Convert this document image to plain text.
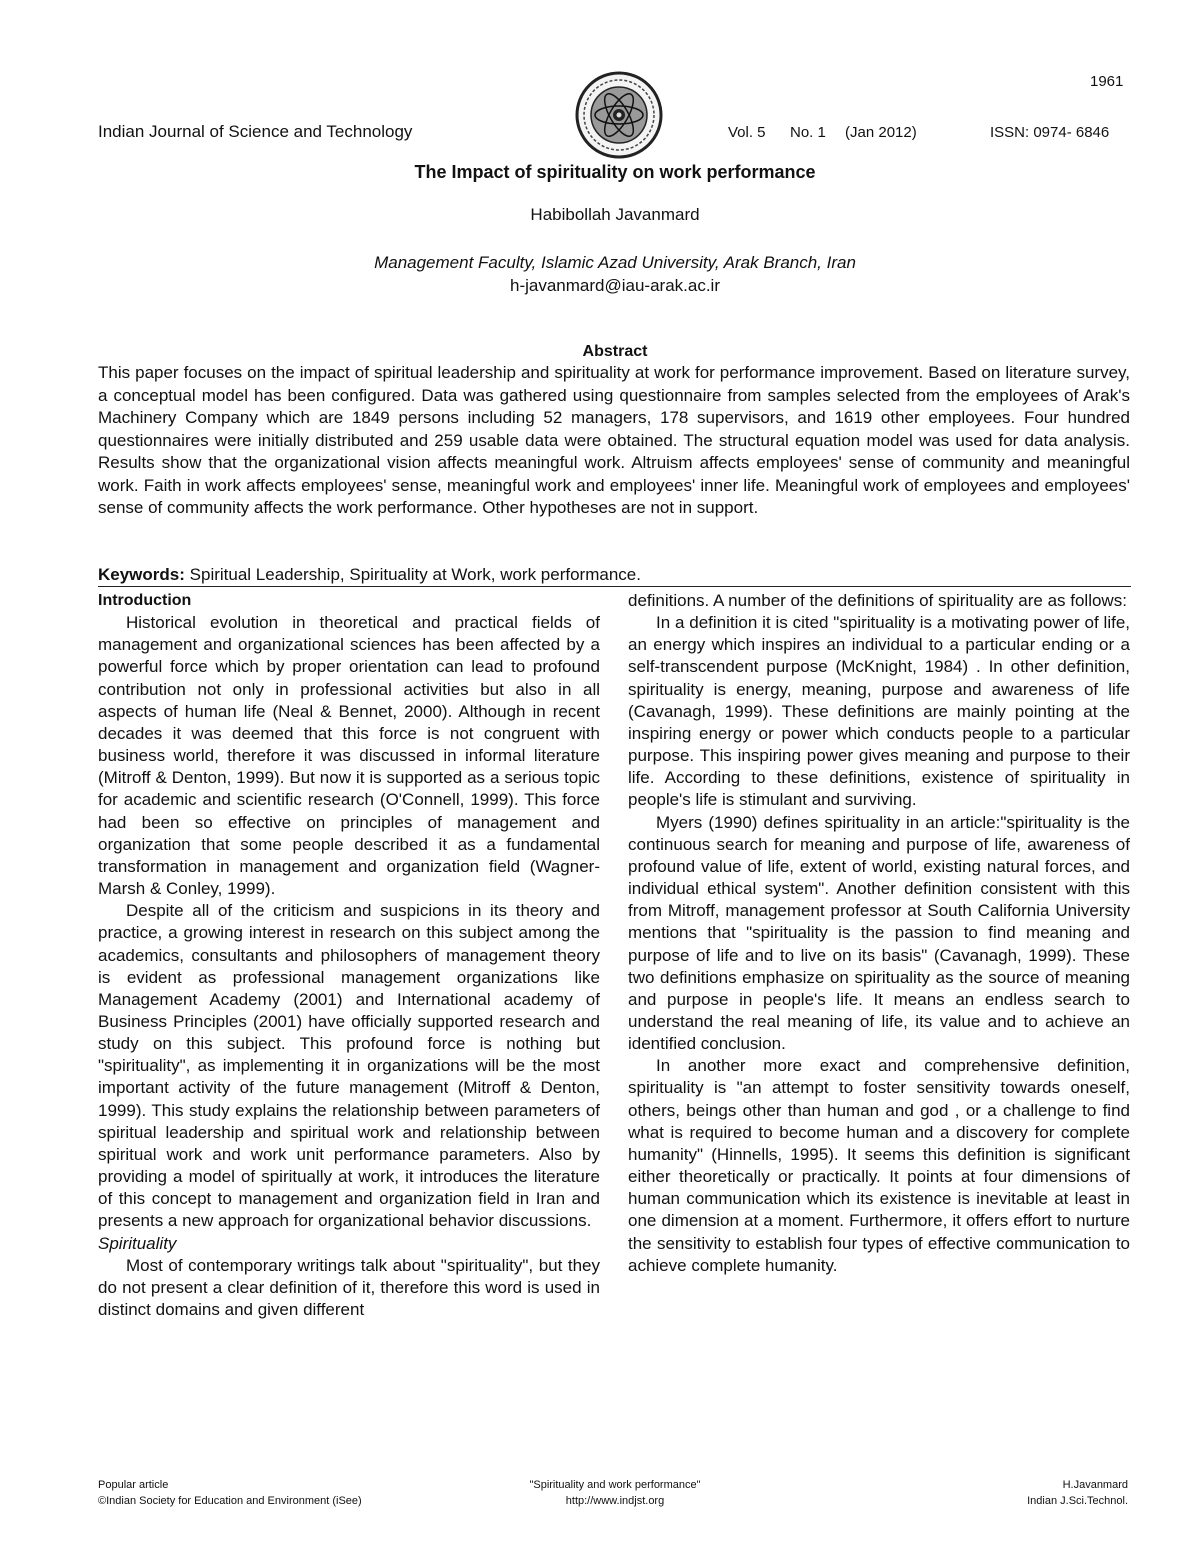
1961
Indian Journal of Science and Technology	Vol. 5 No. 1 (Jan 2012)	ISSN: 0974- 6846
The Impact of spirituality on work performance
Habibollah Javanmard
Management Faculty, Islamic Azad University, Arak Branch, Iran
h-javanmard@iau-arak.ac.ir
Abstract

This paper focuses on the impact of spiritual leadership and spirituality at work for performance improvement. Based on literature survey, a conceptual model has been configured. Data was gathered using questionnaire from samples selected from the employees of Arak's Machinery Company which are 1849 persons including 52 managers, 178 supervisors, and 1619 other employees. Four hundred questionnaires were initially distributed and 259 usable data were obtained. The structural equation model was used for data analysis. Results show that the organizational vision affects meaningful work. Altruism affects employees' sense of community and meaningful work. Faith in work affects employees' sense, meaningful work and employees' inner life. Meaningful work of employees and employees' sense of community affects the work performance. Other hypotheses are not in support.

Keywords: Spiritual Leadership, Spirituality at Work, work performance.
Introduction

Historical evolution in theoretical and practical fields of management and organizational sciences has been affected by a powerful force which by proper orientation can lead to profound contribution not only in professional activities but also in all aspects of human life (Neal & Bennet, 2000). Although in recent decades it was deemed that this force is not congruent with business world, therefore it was discussed in informal literature (Mitroff & Denton, 1999). But now it is supported as a serious topic for academic and scientific research (O'Connell, 1999). This force had been so effective on principles of management and organization that some people described it as a fundamental transformation in management and organization field (Wagner-Marsh & Conley, 1999).

Despite all of the criticism and suspicions in its theory and practice, a growing interest in research on this subject among the academics, consultants and philosophers of management theory is evident as professional management organizations like Management Academy (2001) and International academy of Business Principles (2001) have officially supported research and study on this subject. This profound force is nothing but "spirituality", as implementing it in organizations will be the most important activity of the future management (Mitroff & Denton, 1999). This study explains the relationship between parameters of spiritual leadership and spiritual work and relationship between spiritual work and work unit performance parameters. Also by providing a model of spiritually at work, it introduces the literature of this concept to management and organization field in Iran and presents a new approach for organizational behavior discussions.

Spirituality

Most of contemporary writings talk about "spirituality", but they do not present a clear definition of it, therefore this word is used in distinct domains and given different

definitions. A number of the definitions of spirituality are as follows:

In a definition it is cited "spirituality is a motivating power of life, an energy which inspires an individual to a particular ending or a self-transcendent purpose (McKnight, 1984) . In other definition, spirituality is energy, meaning, purpose and awareness of life (Cavanagh, 1999). These definitions are mainly pointing at the inspiring energy or power which conducts people to a particular purpose. This inspiring power gives meaning and purpose to their life. According to these definitions, existence of spirituality in people's life is stimulant and surviving.

Myers (1990) defines spirituality in an article:"spirituality is the continuous search for meaning and purpose of life, awareness of profound value of life, extent of world, existing natural forces, and individual ethical system". Another definition consistent with this from Mitroff, management professor at South California University mentions that "spirituality is the passion to find meaning and purpose of life and to live on its basis" (Cavanagh, 1999). These two definitions emphasize on spirituality as the source of meaning and purpose in people's life. It means an endless search to understand the real meaning of life, its value and to achieve an identified conclusion.

In another more exact and comprehensive definition, spirituality is "an attempt to foster sensitivity towards oneself, others, beings other than human and god , or a challenge to find what is required to become human and a discovery for complete humanity" (Hinnells, 1995). It seems this definition is significant either theoretically or practically. It points at four dimensions of human communication which its existence is inevitable at least in one dimension at a moment. Furthermore, it offers effort to nurture the sensitivity to establish four types of effective communication to achieve complete humanity.

Popular article
©Indian Society for Education and Environment (iSee)
"Spirituality and work performance"
http://www.indjst.org
H.Javanmard
Indian J.Sci.Technol.
